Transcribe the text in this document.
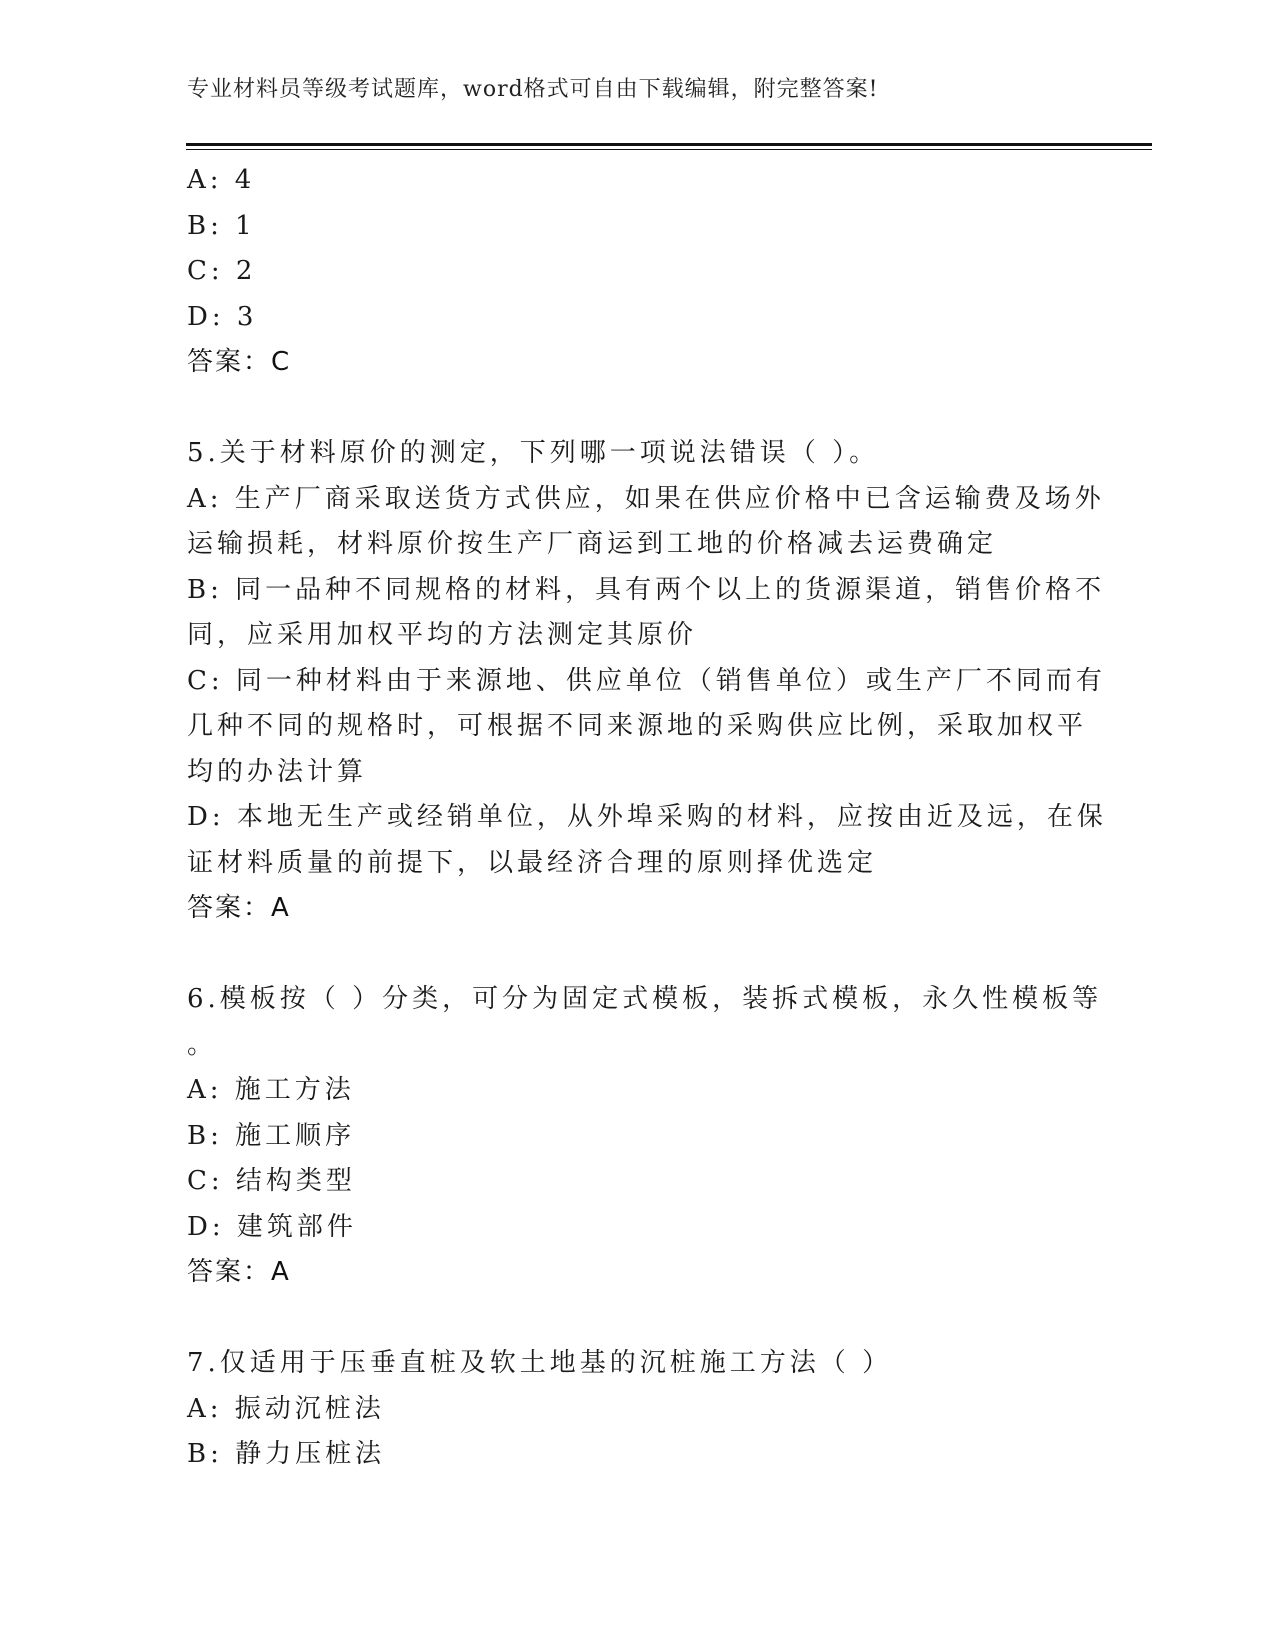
专业材料员等级考试题库，word格式可自由下载编辑，附完整答案!
A: 4
B: 1
C: 2
D: 3
答案：C
5.关于材料原价的测定，下列哪一项说法错误（ ）。
A: 生产厂商采取送货方式供应，如果在供应价格中已含运输费及场外
运输损耗，材料原价按生产厂商运到工地的价格减去运费确定
B: 同一品种不同规格的材料，具有两个以上的货源渠道，销售价格不
同，应采用加权平均的方法测定其原价
C: 同一种材料由于来源地、供应单位（销售单位）或生产厂不同而有
几种不同的规格时，可根据不同来源地的采购供应比例，采取加权平
均的办法计算
D: 本地无生产或经销单位，从外埠采购的材料，应按由近及远，在保
证材料质量的前提下，以最经济合理的原则择优选定
答案：A
6.模板按（ ）分类，可分为固定式模板，装拆式模板，永久性模板等
。
A: 施工方法
B: 施工顺序
C: 结构类型
D: 建筑部件
答案：A
7.仅适用于压垂直桩及软土地基的沉桩施工方法（ ）
A: 振动沉桩法
B: 静力压桩法
